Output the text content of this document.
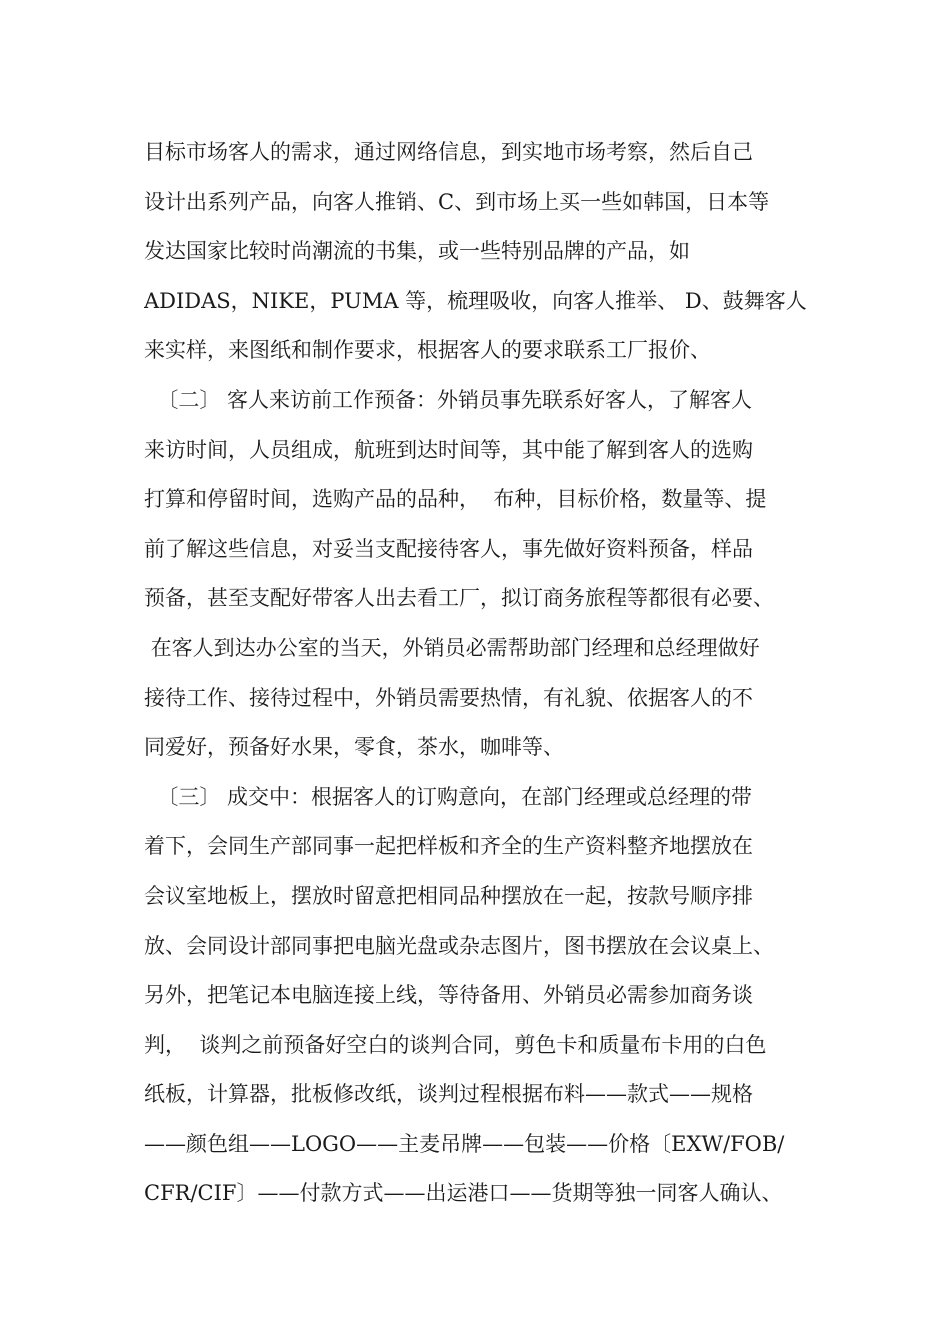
目标市场客人的需求，通过网络信息，到实地市场考察，然后自己
设计出系列产品，向客人推销、C、到市场上买一些如韩国，日本等
发达国家比较时尚潮流的书集，或一些特别品牌的产品，如
ADIDAS，NIKE，PUMA 等，梳理吸收，向客人推举、 D、鼓舞客人
来实样，来图纸和制作要求，根据客人的要求联系工厂报价、
〔二〕 客人来访前工作预备：外销员事先联系好客人，了解客人
来访时间，人员组成，航班到达时间等，其中能了解到客人的选购
打算和停留时间，选购产品的品种，  布种，目标价格，数量等、提
前了解这些信息，对妥当支配接待客人，事先做好资料预备，样品
预备，甚至支配好带客人出去看工厂，拟订商务旅程等都很有必要、
在客人到达办公室的当天，外销员必需帮助部门经理和总经理做好
接待工作、接待过程中，外销员需要热情，有礼貌、依据客人的不
同爱好，预备好水果，零食，茶水，咖啡等、
〔三〕 成交中：根据客人的订购意向，在部门经理或总经理的带
着下，会同生产部同事一起把样板和齐全的生产资料整齐地摆放在
会议室地板上，摆放时留意把相同品种摆放在一起，按款号顺序排
放、会同设计部同事把电脑光盘或杂志图片，图书摆放在会议桌上、
另外，把笔记本电脑连接上线，等待备用、外销员必需参加商务谈
判，  谈判之前预备好空白的谈判合同，剪色卡和质量布卡用的白色
纸板，计算器，批板修改纸，谈判过程根据布料——款式——规格
——颜色组——LOGO——主麦吊牌——包装——价格〔EXW/FOB/
CFR/CIF〕——付款方式——出运港口——货期等独一同客人确认、
